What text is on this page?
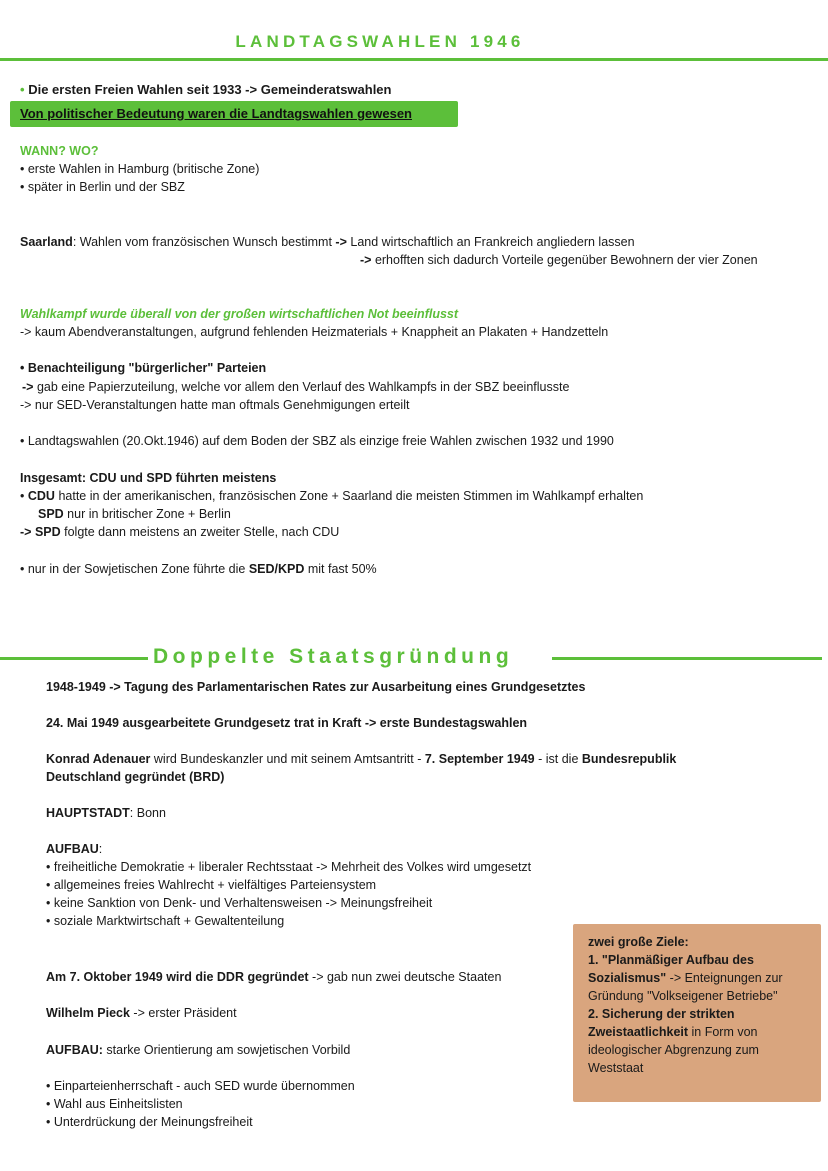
LANDTAGSWAHLEN 1946
• Die ersten Freien Wahlen seit 1933 -> Gemeinderatswahlen
Von politischer Bedeutung waren die Landtagswahlen gewesen
WANN? WO?
• erste Wahlen in Hamburg (britische Zone)
• später in Berlin und der SBZ
Saarland: Wahlen vom französischen Wunsch bestimmt -> Land wirtschaftlich an Frankreich angliedern lassen
-> erhofften sich dadurch Vorteile gegenüber Bewohnern der vier Zonen
Wahlkampf wurde überall von der großen wirtschaftlichen Not beeinflusst
-> kaum Abendveranstaltungen, aufgrund fehlenden Heizmaterials + Knappheit an Plakaten + Handzetteln
• Benachteiligung "bürgerlicher" Parteien
-> gab eine Papierzuteilung, welche vor allem den Verlauf des Wahlkampfs in der SBZ beeinflusste
-> nur SED-Veranstaltungen hatte man oftmals Genehmigungen erteilt
• Landtagswahlen (20.Okt.1946) auf dem Boden der SBZ als einzige freie Wahlen zwischen 1932 und 1990
Insgesamt: CDU und SPD führten meistens
• CDU hatte in der amerikanischen, französischen Zone + Saarland die meisten Stimmen im Wahlkampf erhalten
SPD nur in britischer Zone + Berlin
-> SPD folgte dann meistens an zweiter Stelle, nach CDU
• nur in der Sowjetischen Zone führte die SED/KPD mit fast 50%
Doppelte Staatsgründung
1948-1949 -> Tagung des Parlamentarischen Rates zur Ausarbeitung eines Grundgesetztes
24. Mai 1949 ausgearbeitete Grundgesetz trat in Kraft -> erste Bundestagswahlen
Konrad Adenauer wird Bundeskanzler und mit seinem Amtsantritt - 7. September 1949 - ist die Bundesrepublik
Deutschland gegründet (BRD)
HAUPTSTADT: Bonn
AUFBAU:
• freiheitliche Demokratie + liberaler Rechtsstaat -> Mehrheit des Volkes wird umgesetzt
• allgemeines freies Wahlrecht + vielfältiges Parteiensystem
• keine Sanktion von Denk- und Verhaltensweisen -> Meinungsfreiheit
• soziale Marktwirtschaft + Gewaltenteilung
Am 7. Oktober 1949 wird die DDR gegründet -> gab nun zwei deutsche Staaten
Wilhelm Pieck -> erster Präsident
AUFBAU: starke Orientierung am sowjetischen Vorbild
• Einparteienherrschaft - auch SED wurde übernommen
• Wahl aus Einheitslisten
• Unterdrückung der Meinungsfreiheit
zwei große Ziele:
1. "Planmäßiger Aufbau des
Sozialismus" -> Enteignungen zur
Gründung "Volkseigener Betriebe"
2. Sicherung der strikten
Zweistaatlichkeit in Form von
ideologischer Abgrenzung zum
Weststaat
